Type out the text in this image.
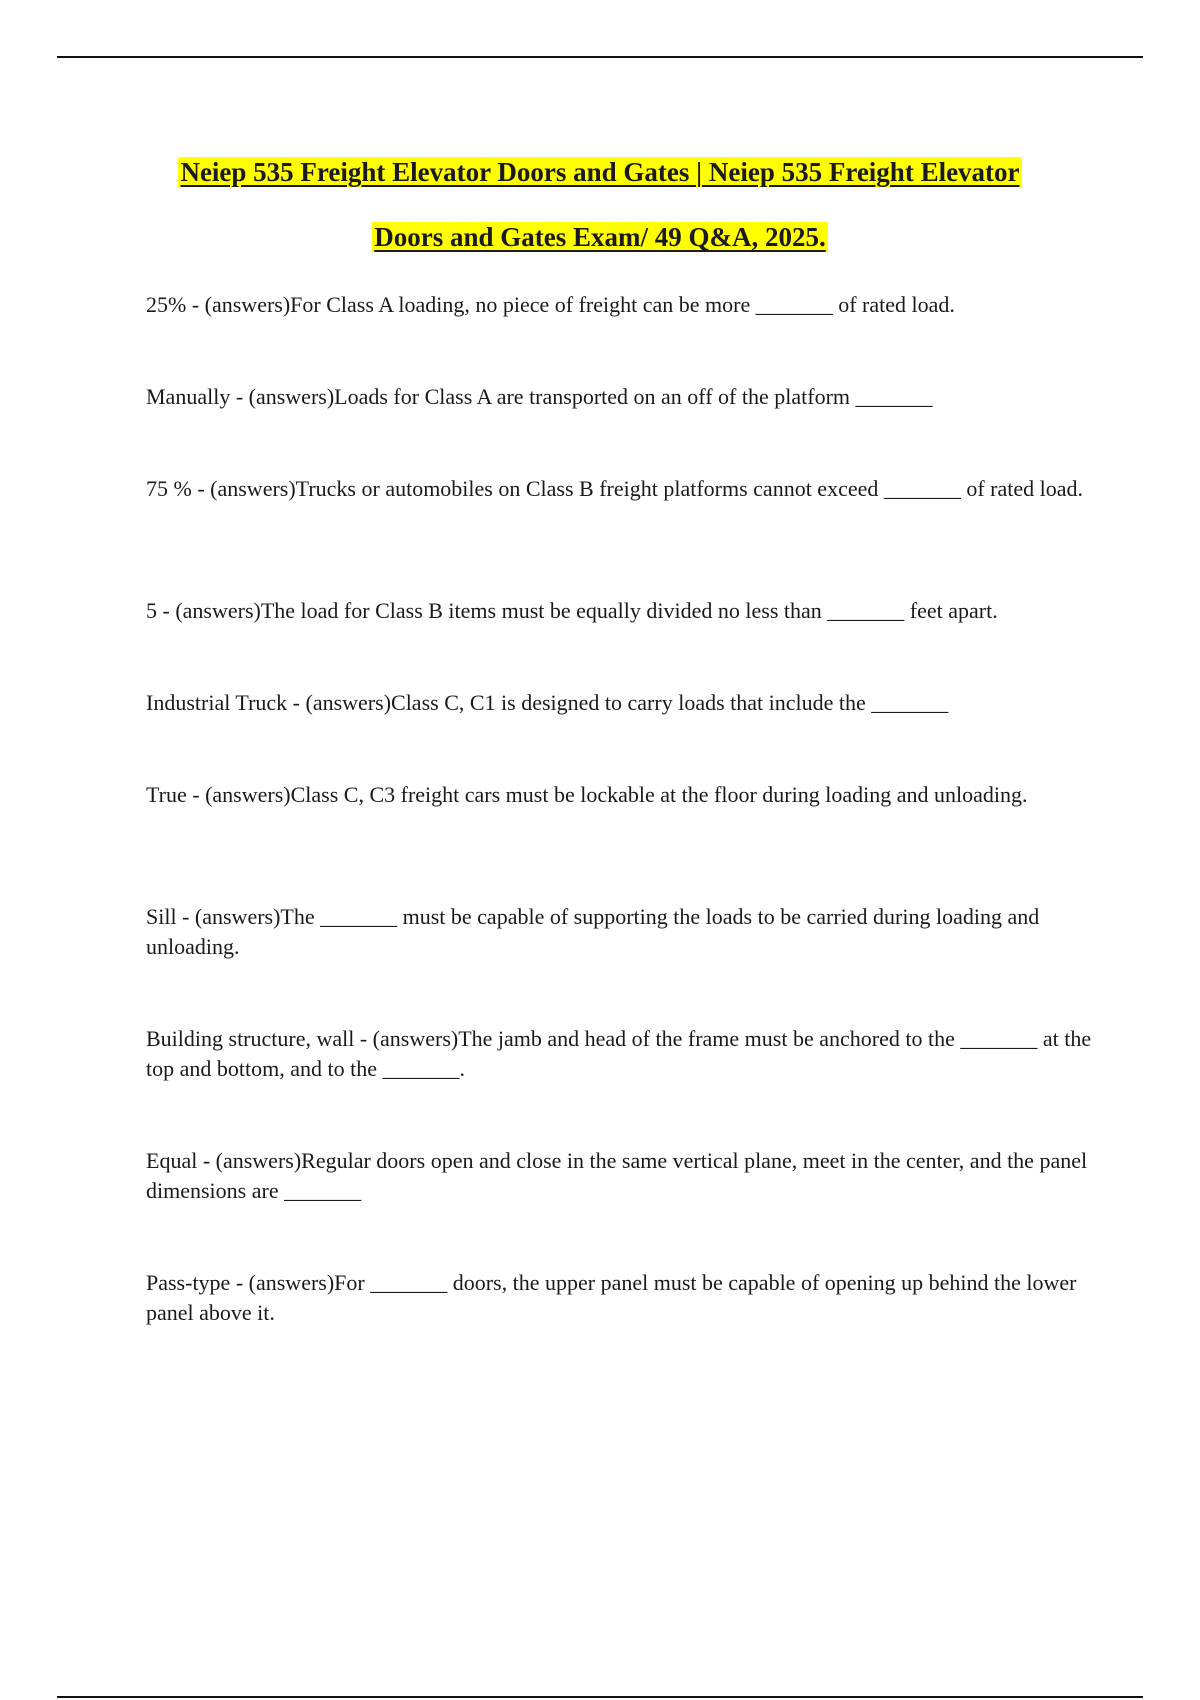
Neiep 535 Freight Elevator Doors and Gates | Neiep 535 Freight Elevator
Doors and Gates Exam/ 49 Q&A, 2025.
25% - (answers)For Class A loading, no piece of freight can be more _______ of rated load.
Manually - (answers)Loads for Class A are transported on an off of the platform _______
75 % - (answers)Trucks or automobiles on Class B freight platforms cannot exceed _______ of rated load.
5 - (answers)The load for Class B items must be equally divided no less than _______ feet apart.
Industrial Truck - (answers)Class C, C1 is designed to carry loads that include the _______
True - (answers)Class C, C3 freight cars must be lockable at the floor during loading and unloading.
Sill - (answers)The _______ must be capable of supporting the loads to be carried during loading and unloading.
Building structure, wall - (answers)The jamb and head of the frame must be anchored to the _______ at the top and bottom, and to the _______.
Equal - (answers)Regular doors open and close in the same vertical plane, meet in the center, and the panel dimensions are _______
Pass-type - (answers)For _______ doors, the upper panel must be capable of opening up behind the lower panel above it.
